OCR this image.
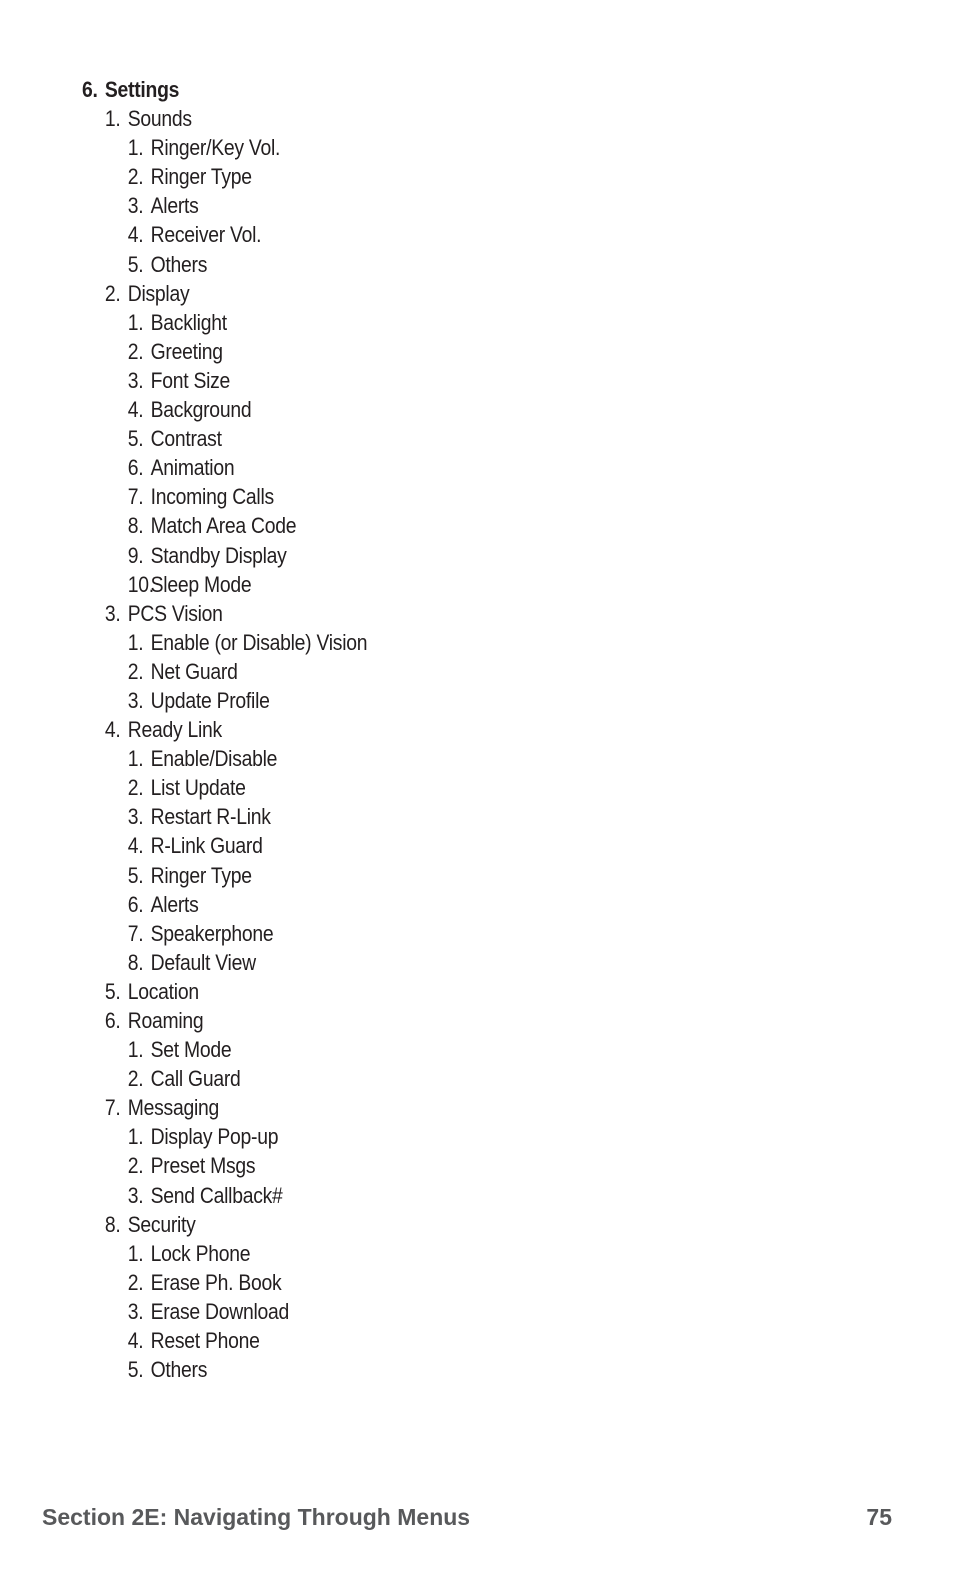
6. Settings
1. Sounds
1. Ringer/Key Vol.
2. Ringer Type
3. Alerts
4. Receiver Vol.
5. Others
2. Display
1. Backlight
2. Greeting
3. Font Size
4. Background
5. Contrast
6. Animation
7. Incoming Calls
8. Match Area Code
9. Standby Display
10.
Sleep Mode
3. PCS Vision
1. Enable (or Disable) Vision
2. Net Guard
3. Update Profile
4. Ready Link
1. Enable/Disable
2. List Update
3. Restart R-Link
4. R-Link Guard
5. Ringer Type
6. Alerts
7. Speakerphone
8. Default View
5. Location
6. Roaming
1. Set Mode
2. Call Guard
7. Messaging
1. Display Pop-up
2. Preset Msgs
3. Send Callback#
8. Security
1. Lock Phone
2. Erase Ph. Book
3. Erase Download
4. Reset Phone
5. Others
Section 2E: Navigating Through Menus	75
